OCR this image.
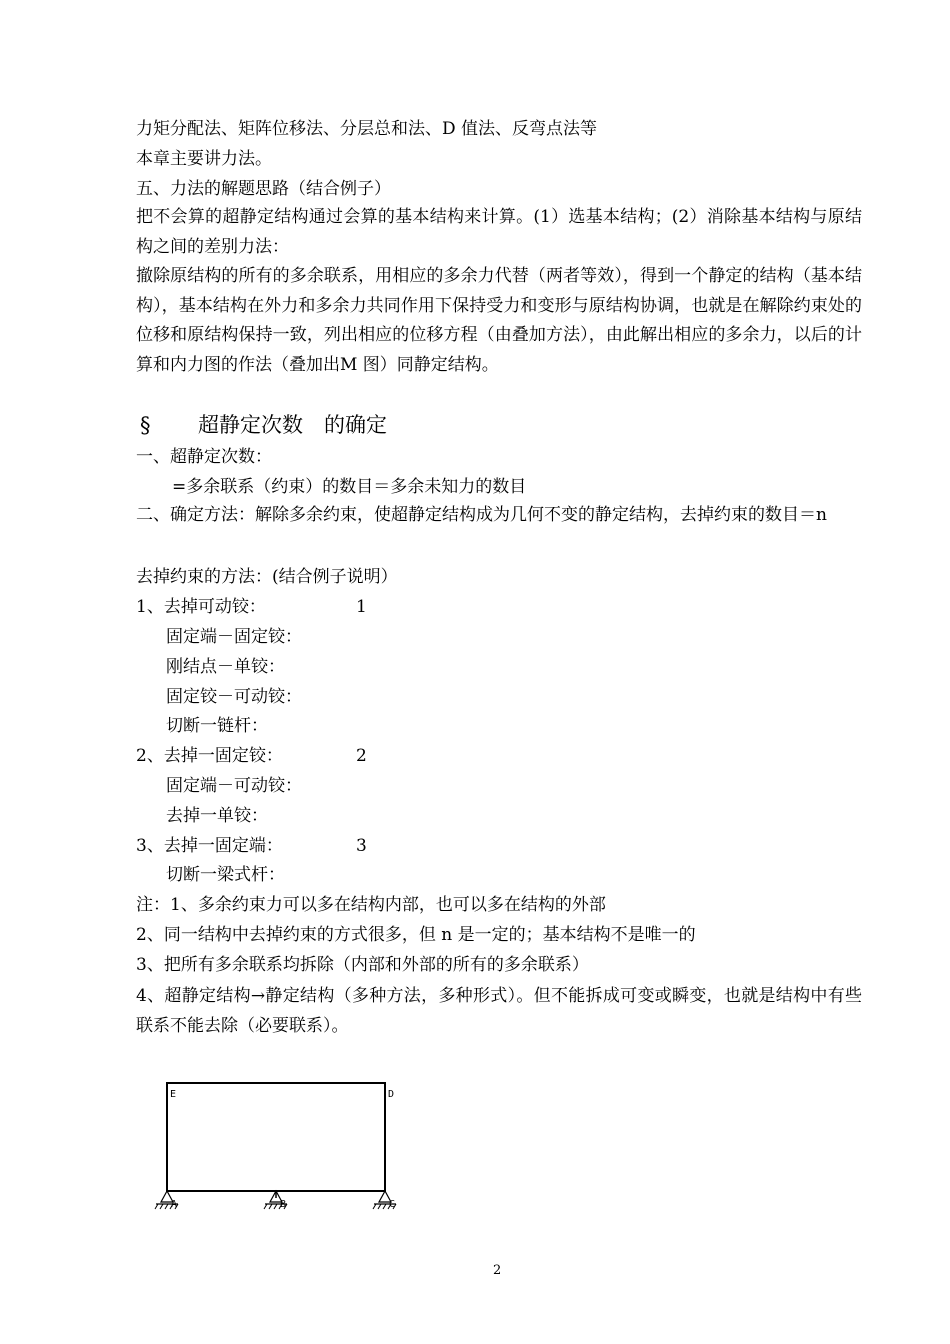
力矩分配法、矩阵位移法、分层总和法、D 值法、反弯点法等
本章主要讲力法。
五、力法的解题思路（结合例子）
把不会算的超静定结构通过会算的基本结构来计算。(1）选基本结构；(2）消除基本结构与原结构之间的差别力法：
撤除原结构的所有的多余联系，用相应的多余力代替（两者等效），得到一个静定的结构（基本结构），基本结构在外力和多余力共同作用下保持受力和变形与原结构协调，也就是在解除约束处的位移和原结构保持一致，列出相应的位移方程（由叠加方法），由此解出相应的多余力，以后的计算和内力图的作法（叠加出M 图）同静定结构。
§ 超静定次数　的确定
一、超静定次数：
=多余联系（约束）的数目＝多余未知力的数目
二、确定方法：解除多余约束，使超静定结构成为几何不变的静定结构，去掉约束的数目＝n
去掉约束的方法：(结合例子说明）
1、去掉可动铰：	1
固定端－固定铰：
刚结点－单铰：
固定铰－可动铰：
切断一链杆：
2、去掉一固定铰：	2
固定端－可动铰：
去掉一单铰：
3、去掉一固定端：	3
切断一梁式杆：
注：1、多余约束力可以多在结构内部，也可以多在结构的外部
2、同一结构中去掉约束的方式很多，但 n 是一定的；基本结构不是唯一的
3、把所有多余联系均拆除（内部和外部的所有的多余联系）
4、超静定结构→静定结构（多种方法，多种形式）。但不能拆成可变或瞬变，也就是结构中有些联系不能去除（必要联系）。
E	D
A	B	C
2
